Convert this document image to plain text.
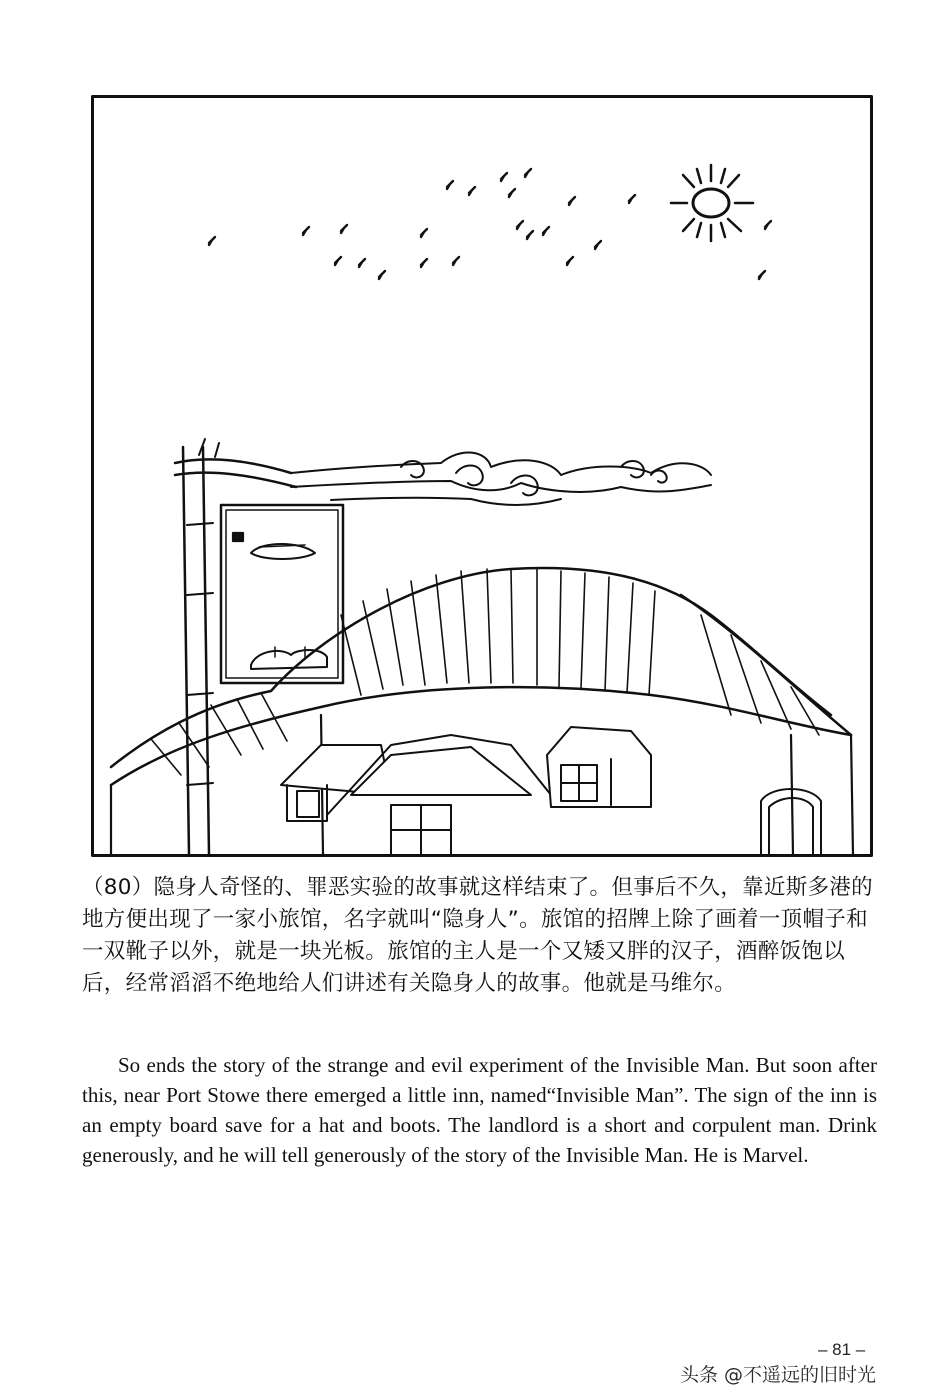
（80）隐身人奇怪的、罪恶实验的故事就这样结束了。但事后不久，靠近斯多港的地方便出现了一家小旅馆，名字就叫“隐身人”。旅馆的招牌上除了画着一顶帽子和一双靴子以外，就是一块光板。旅馆的主人是一个又矮又胖的汉子，酒醉饭饱以后，经常滔滔不绝地给人们讲述有关隐身人的故事。他就是马维尔。

So ends the story of the strange and evil experiment of the Invisible Man. But soon after this, near Port Stowe there emerged a little inn, named“Invisible Man”. The sign of the inn is an empty board save for a hat and boots. The landlord is a short and corpulent man. Drink generously, and he will tell generously of the story of the Invisible Man. He is Marvel.

– 81 –
头条 @不遥远的旧时光
